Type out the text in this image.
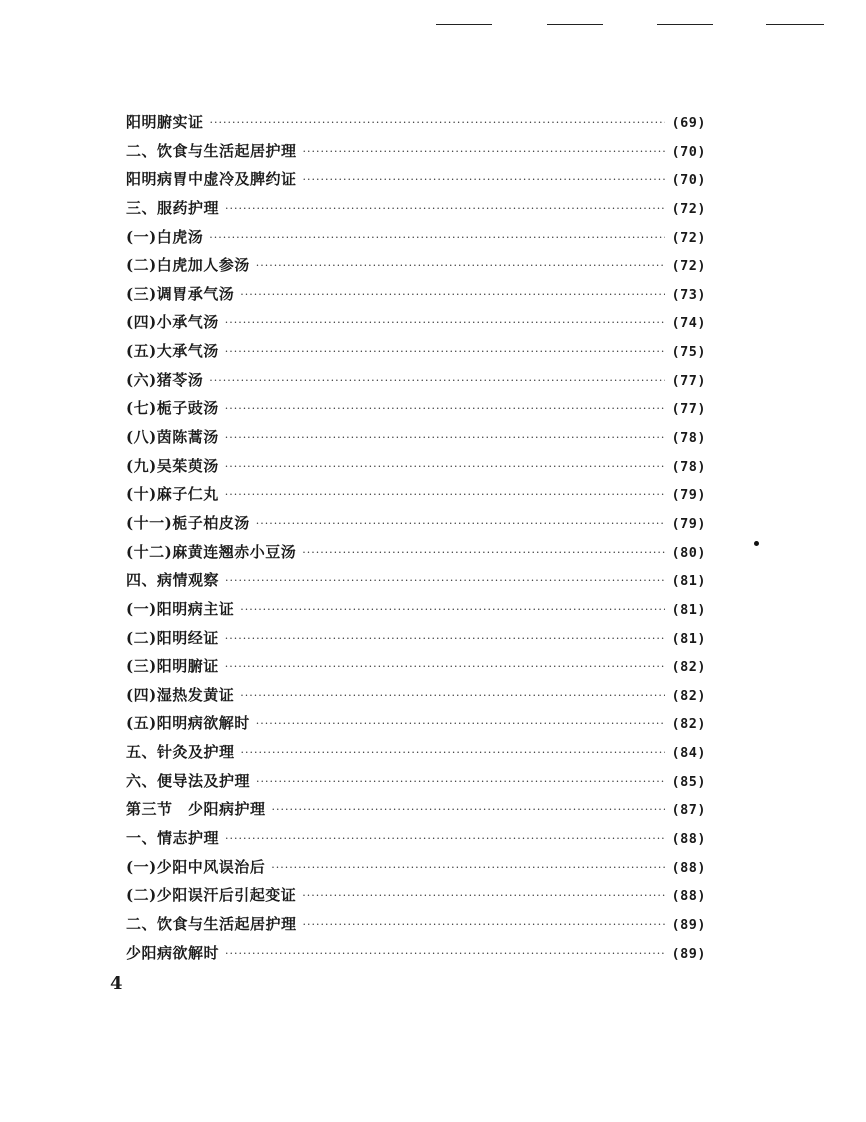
阳明腑实证 ·····	(69)
二、饮食与生活起居护理 ·····	(70)
阳明病胃中虚冷及脾约证 ·····	(70)
三、服药护理 ·····	(72)
(一)白虎汤 ·····	(72)
(二)白虎加人参汤 ·····	(72)
(三)调胃承气汤 ·····	(73)
(四)小承气汤 ·····	(74)
(五)大承气汤 ·····	(75)
(六)猪苓汤 ·····	(77)
(七)栀子豉汤 ·····	(77)
(八)茵陈蒿汤 ·····	(78)
(九)吴茱萸汤 ·····	(78)
(十)麻子仁丸 ·····	(79)
(十一)栀子柏皮汤 ·····	(79)
(十二)麻黄连翘赤小豆汤 ·····	(80)
四、病情观察 ·····	(81)
(一)阳明病主证 ·····	(81)
(二)阳明经证 ·····	(81)
(三)阳明腑证 ·····	(82)
(四)湿热发黄证 ·····	(82)
(五)阳明病欲解时 ·····	(82)
五、针灸及护理 ·····	(84)
六、便导法及护理 ·····	(85)
第三节　少阳病护理 ·····	(87)
一、情志护理 ·····	(88)
(一)少阳中风误治后 ·····	(88)
(二)少阳误汗后引起变证 ·····	(88)
二、饮食与生活起居护理 ·····	(89)
少阳病欲解时 ·····	(89)
4
